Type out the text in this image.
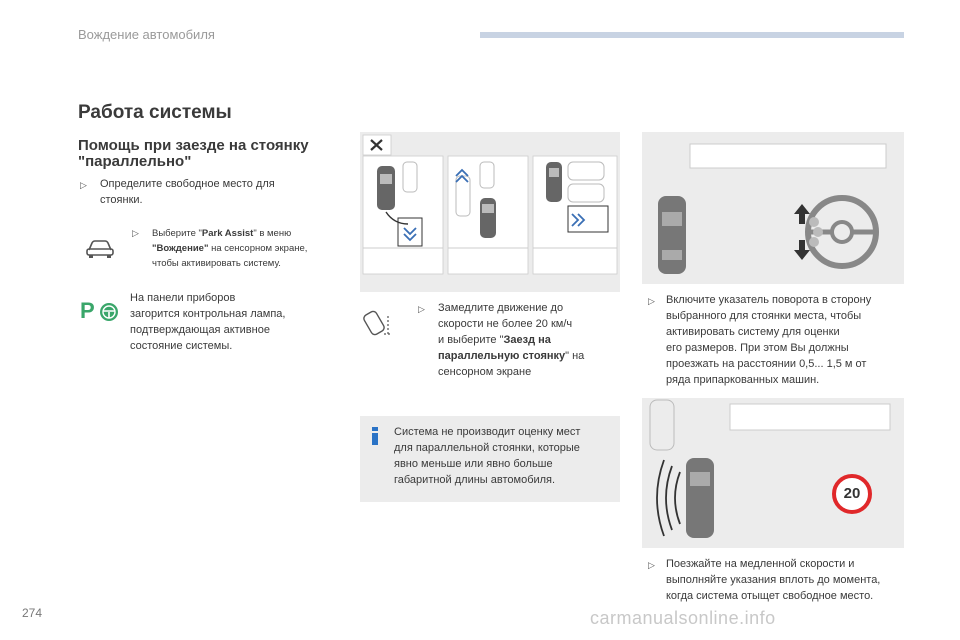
Вождение автомобиля
Работа системы
Помощь при заезде на стоянку
"параллельно"
▷ Определите свободное место для
стоянки.
▷ Выберите "Park Assist" в меню
"Вождение" на сенсорном экране,
чтобы активировать систему.
P	На панели приборов
загорится контрольная лампа,
подтверждающая активное
состояние системы.
▷ Замедлите движение до
скорости не более 20 км/ч
и выберите "Заезд на
параллельную стоянку" на
сенсорном экране
Система не производит оценку мест
для параллельной стоянки, которые
явно меньше или явно больше
габаритной длины автомобиля.
▷ Включите указатель поворота в сторону
выбранного для стоянки места, чтобы
активировать систему для оценки
его размеров. При этом Вы должны
проезжать на расстоянии 0,5... 1,5 м от
ряда припаркованных машин.
20
▷ Поезжайте на медленной скорости и
выполняйте указания вплоть до момента,
когда система отыщет свободное место.
274	carmanualsonline.info
